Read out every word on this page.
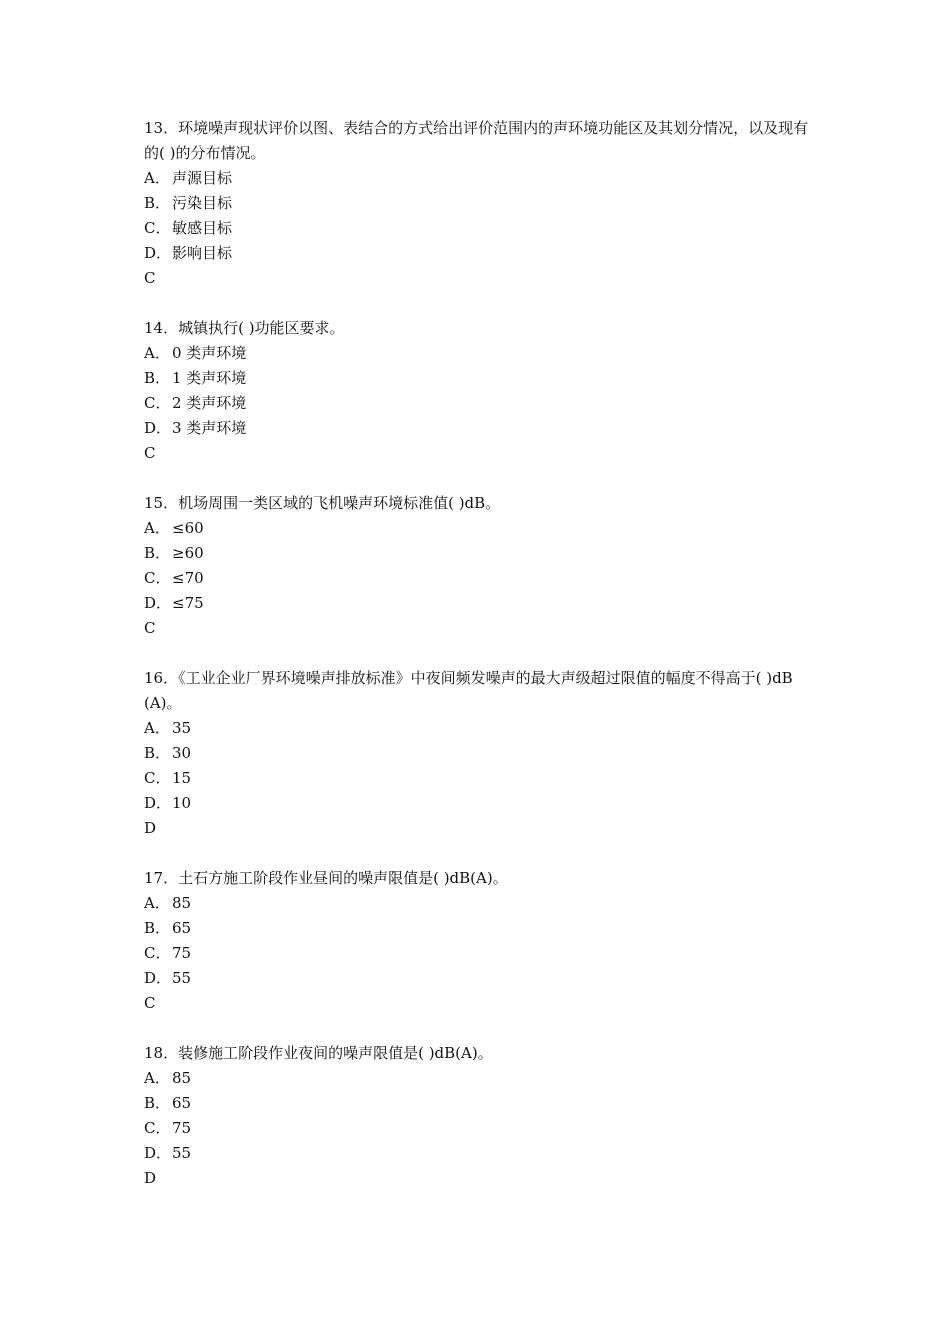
13．环境噪声现状评价以图、表结合的方式给出评价范围内的声环境功能区及其划分情况，以及现有的( )的分布情况。
A． 声源目标
B． 污染目标
C． 敏感目标
D．影响目标
C
14．城镇执行( )功能区要求。
A． 0 类声环境
B． 1 类声环境
C． 2 类声环境
D．3 类声环境
C
15．机场周围一类区域的飞机噪声环境标准值( )dB。
A． ≤60
B． ≥60
C． ≤70
D．≤75
C
16．《工业企业厂界环境噪声排放标准》中夜间频发噪声的最大声级超过限值的幅度不得高于( )dB(A)。
A． 35
B． 30
C． 15
D．10
D
17．土石方施工阶段作业昼间的噪声限值是( )dB(A)。
A． 85
B． 65
C． 75
D．55
C
18．装修施工阶段作业夜间的噪声限值是( )dB(A)。
A． 85
B． 65
C． 75
D．55
D
